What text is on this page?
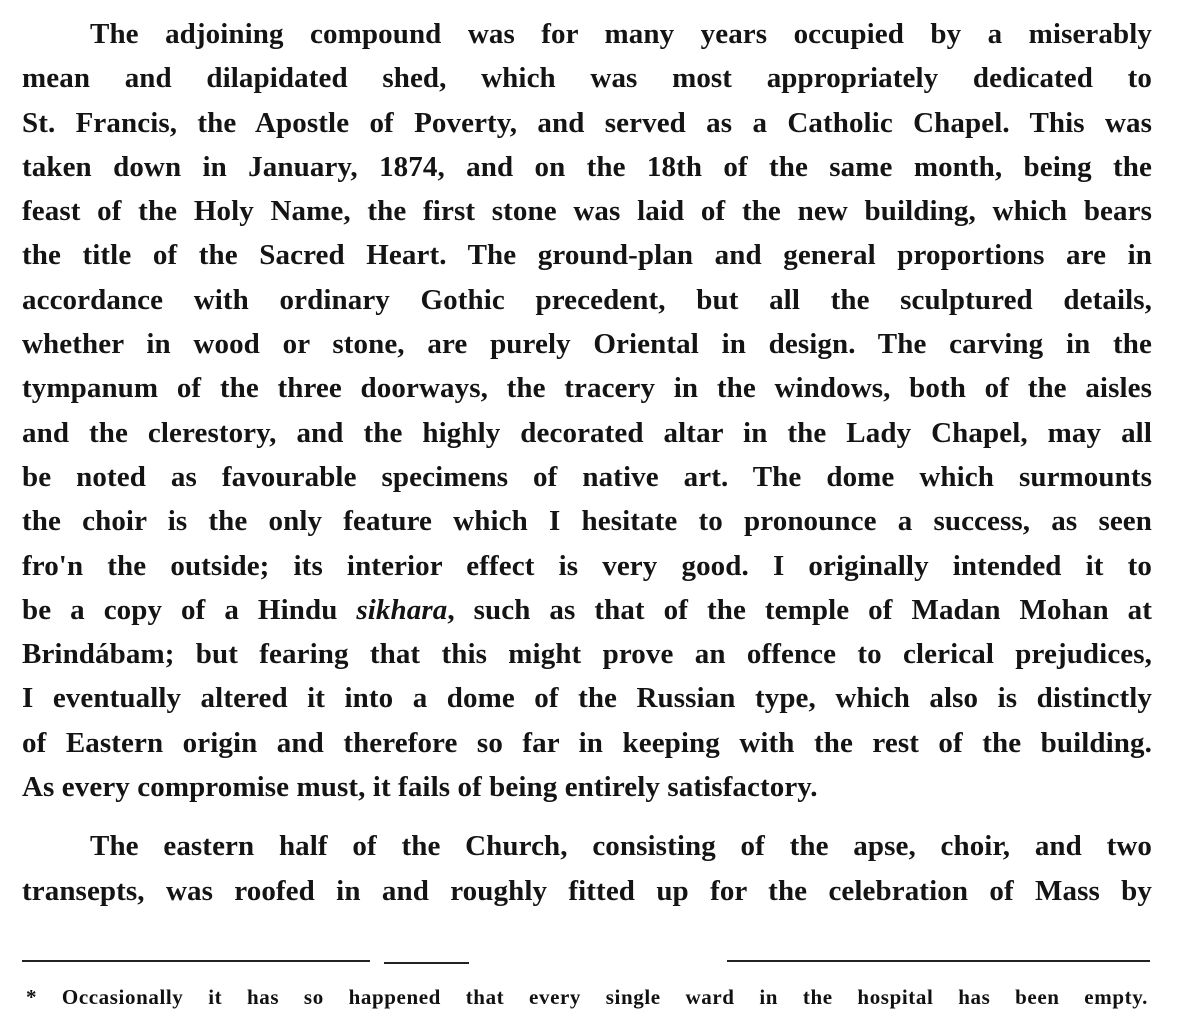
The adjoining compound was for many years occupied by a miserably
mean and dilapidated shed, which was most appropriately dedicated to
St. Francis, the Apostle of Poverty, and served as a Catholic Chapel. This was
taken down in January, 1874, and on the 18th of the same month, being the
feast of the Holy Name, the first stone was laid of the new building, which bears
the title of the Sacred Heart. The ground-plan and general proportions are in
accordance with ordinary Gothic precedent, but all the sculptured details,
whether in wood or stone, are purely Oriental in design. The carving in the
tympanum of the three doorways, the tracery in the windows, both of the aisles
and the clerestory, and the highly decorated altar in the Lady Chapel, may all
be noted as favourable specimens of native art. The dome which surmounts
the choir is the only feature which I hesitate to pronounce a success, as seen
fro'n the outside; its interior effect is very good. I originally intended it to
be a copy of a Hindu sikhara, such as that of the temple of Madan Mohan at
Brindábam; but fearing that this might prove an offence to clerical prejudices,
I eventually altered it into a dome of the Russian type, which also is distinctly
of Eastern origin and therefore so far in keeping with the rest of the building.
As every compromise must, it fails of being entirely satisfactory.

The eastern half of the Church, consisting of the apse, choir, and two
transepts, was roofed in and roughly fitted up for the celebration of Mass by

* Occasionally it has so happened that every single ward in the hospital has been empty.
